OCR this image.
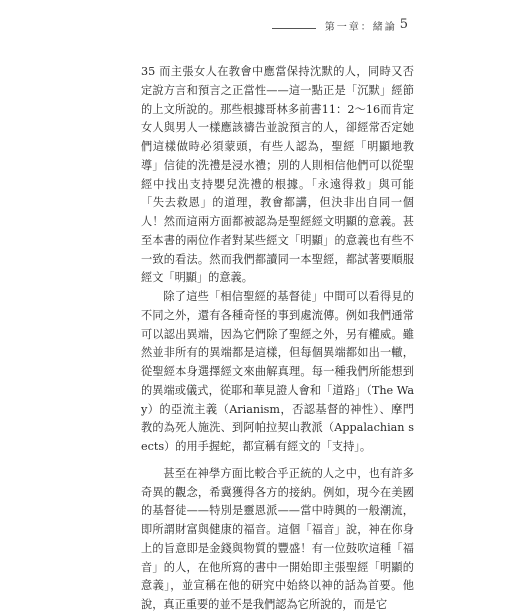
第一章：緒論 5

35 而主張女人在教會中應當保持沈默的人，同時又否定說方言和預言之正當性——這一點正是「沉默」經節的上文所說的。那些根據哥林多前書11：2～16而肯定女人與男人一樣應該禱告並說預言的人，卻經常否定她們這樣做時必須蒙頭，有些人認為，聖經「明顯地教導」信徒的洗禮是浸水禮；別的人則相信他們可以從聖經中找出支持嬰兒洗禮的根據。「永遠得救」與可能「失去救恩」的道理，教會都講，但決非出自同一個人！然而這兩方面都被認為是聖經經文明顯的意義。甚至本書的兩位作者對某些經文「明顯」的意義也有些不一致的看法。然而我們都讀同一本聖經，都試著要順服經文「明顯」的意義。

除了這些「相信聖經的基督徒」中間可以看得見的不同之外，還有各種奇怪的事到處流傳。例如我們通常可以認出異端，因為它們除了聖經之外，另有權威。雖然並非所有的異端都是這樣，但每個異端都如出一轍，從聖經本身選擇經文來曲解真理。每一種我們所能想到的異端或儀式，從耶和華見證人會和「道路」（The Way）的亞流主義（Arianism，否認基督的神性）、摩門教的為死人施洗、到阿帕拉契山教派（Appalachian sects）的用手握蛇，都宣稱有經文的「支持」。

甚至在神學方面比較合乎正統的人之中，也有許多奇異的觀念，希冀獲得各方的接納。例如，現今在美國的基督徒——特別是靈恩派——當中時興的一般潮流，即所謂財富與健康的福音。這個「福音」說，神在你身上的旨意即是金錢與物質的豐盛！有一位鼓吹這種「福音」的人，在他所寫的書中一開始即主張聖經「明顯的意義」，並宣稱在他的研究中始終以神的話為首要。他說，真正重要的並不是我們認為它所說的，而是它
